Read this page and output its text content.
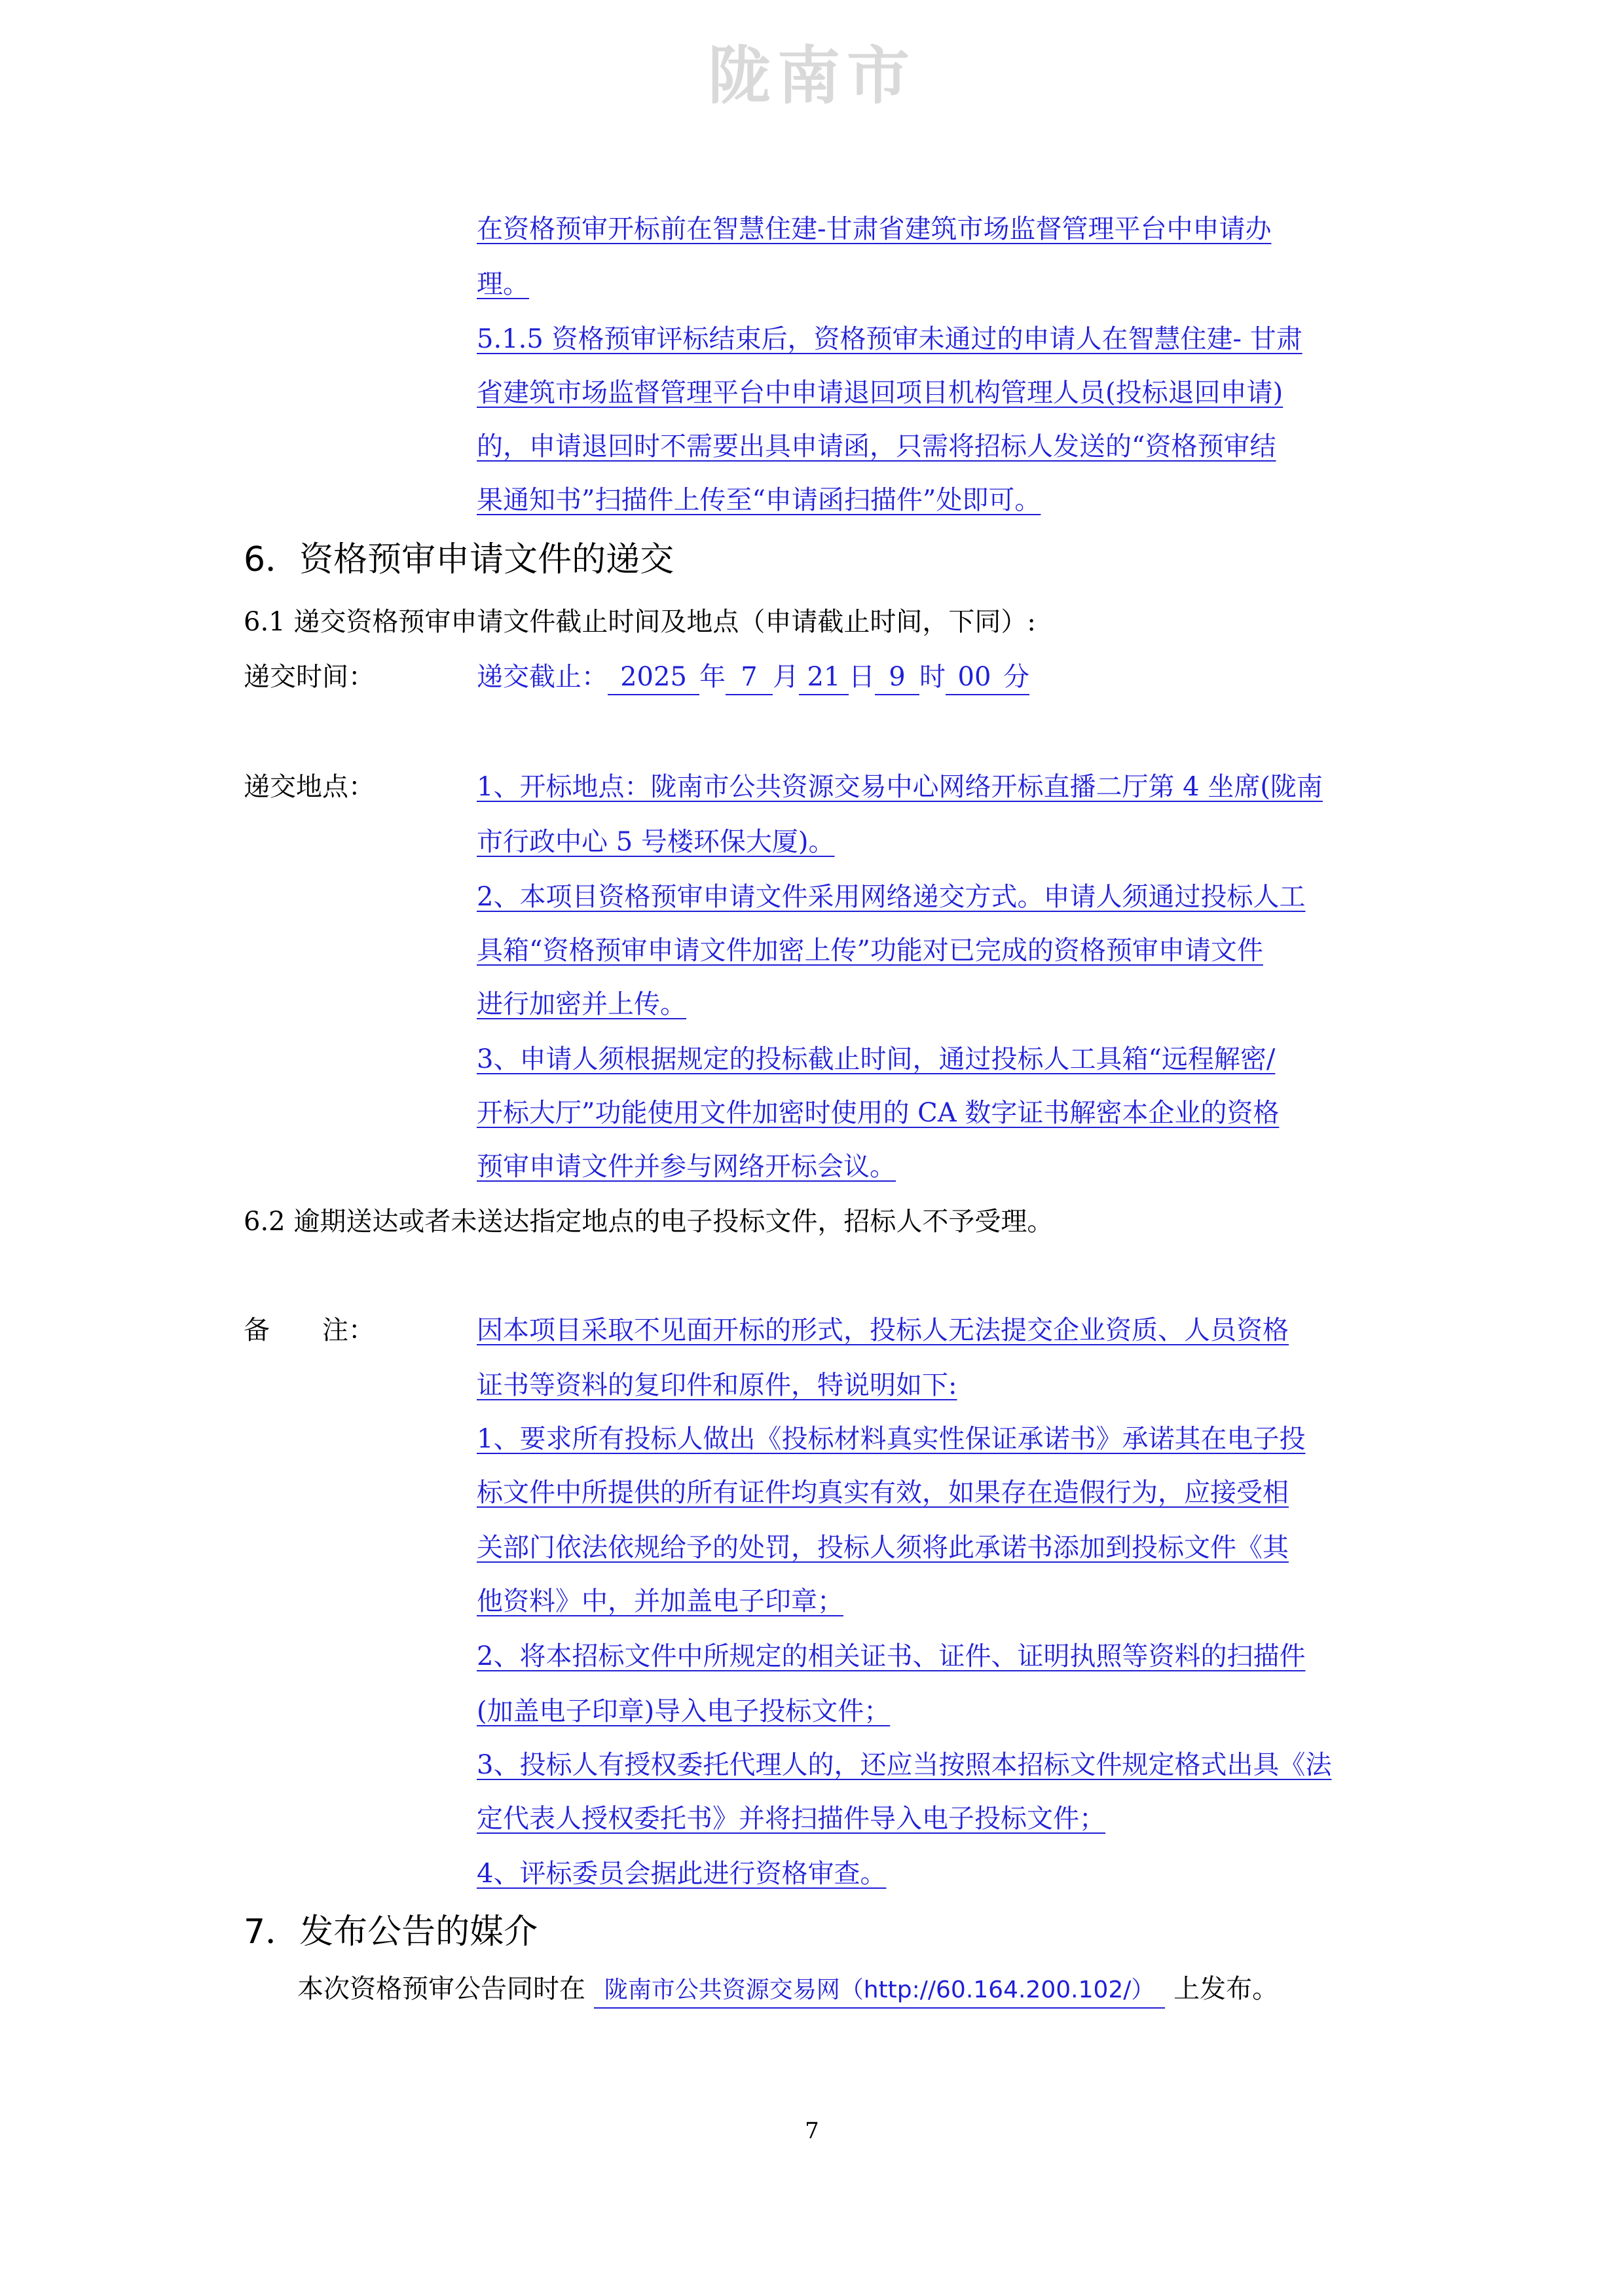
陇南市
在资格预审开标前在智慧住建-甘肃省建筑市场监督管理平台中申请办
理。
5.1.5 资格预审评标结束后，资格预审未通过的申请人在智慧住建- 甘肃
省建筑市场监督管理平台中申请退回项目机构管理人员(投标退回申请)
的，申请退回时不需要出具申请函，只需将招标人发送的“资格预审结
果通知书”扫描件上传至“申请函扫描件”处即可。
6．资格预审申请文件的递交
6.1 递交资格预审申请文件截止时间及地点（申请截止时间，下同）:
递交时间：	递交截止： 2025 年 7 月 21 日 9 时 00 分
递交地点：	1、开标地点：陇南市公共资源交易中心网络开标直播二厅第 4 坐席(陇南
市行政中心 5 号楼环保大厦)。
2、本项目资格预审申请文件采用网络递交方式。申请人须通过投标人工
具箱“资格预审申请文件加密上传”功能对已完成的资格预审申请文件
进行加密并上传。
3、申请人须根据规定的投标截止时间，通过投标人工具箱“远程解密/
开标大厅”功能使用文件加密时使用的 CA 数字证书解密本企业的资格
预审申请文件并参与网络开标会议。
6.2 逾期送达或者未送达指定地点的电子投标文件，招标人不予受理。
备　　注：	因本项目采取不见面开标的形式，投标人无法提交企业资质、人员资格
证书等资料的复印件和原件，特说明如下:
1、要求所有投标人做出《投标材料真实性保证承诺书》承诺其在电子投
标文件中所提供的所有证件均真实有效，如果存在造假行为，应接受相
关部门依法依规给予的处罚，投标人须将此承诺书添加到投标文件《其
他资料》中，并加盖电子印章；
2、将本招标文件中所规定的相关证书、证件、证明执照等资料的扫描件
(加盖电子印章)导入电子投标文件；
3、投标人有授权委托代理人的，还应当按照本招标文件规定格式出具《法
定代表人授权委托书》并将扫描件导入电子投标文件；
4、评标委员会据此进行资格审查。
7．发布公告的媒介
本次资格预审公告同时在 陇南市公共资源交易网（http://60.164.200.102/） 上发布。
7
